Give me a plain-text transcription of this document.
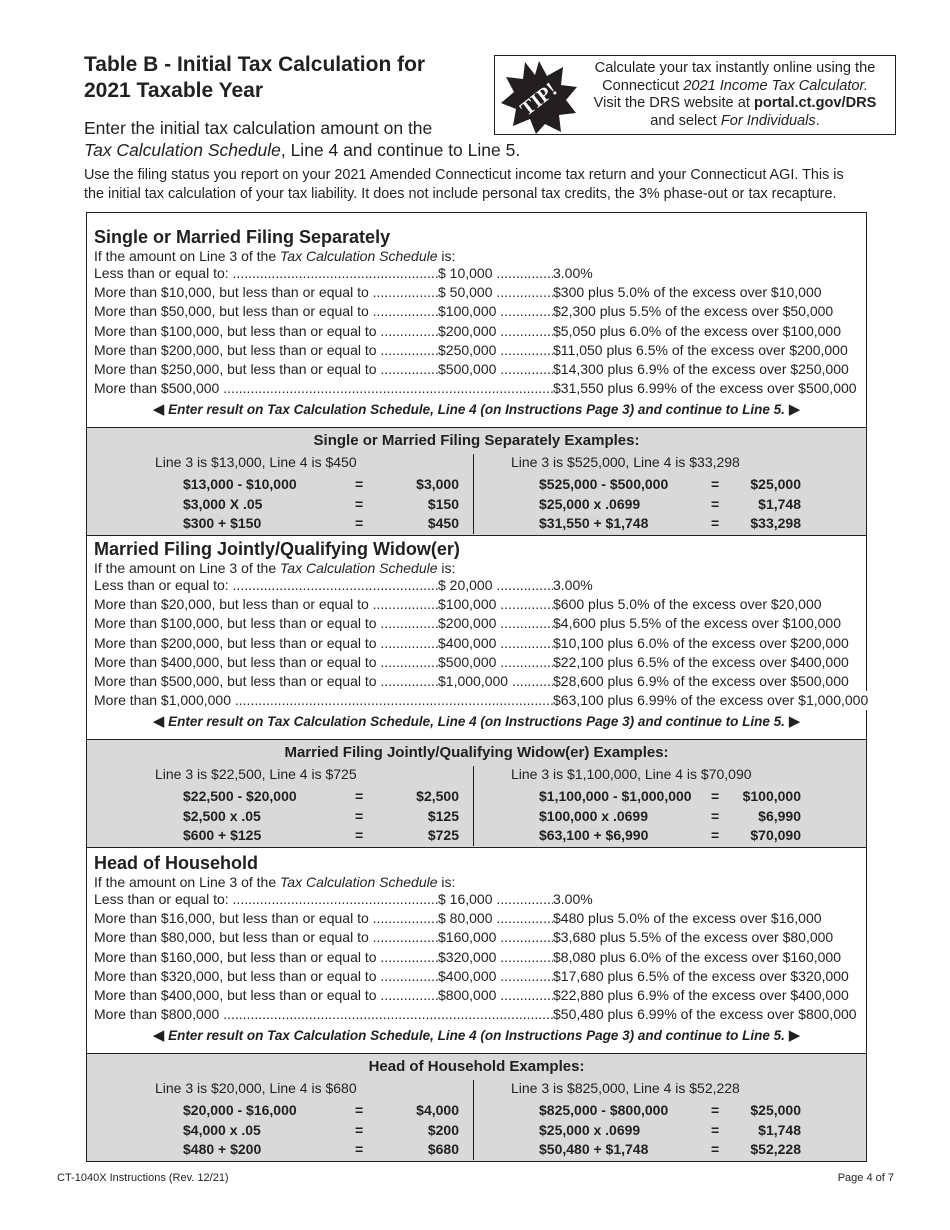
Table B - Initial Tax Calculation for
2021 Taxable Year
Enter the initial tax calculation amount on the
Tax Calculation Schedule, Line 4 and continue to Line 5.
TIP!
Calculate your tax instantly online using the
Connecticut 2021 Income Tax Calculator.
Visit the DRS website at portal.ct.gov/DRS
and select For Individuals.
Use the filing status you report on your 2021 Amended Connecticut income tax return and your Connecticut AGI. This is
the initial tax calculation of your tax liability. It does not include personal tax credits, the 3% phase-out or tax recapture.
Single or Married Filing Separately
If the amount on Line 3 of the Tax Calculation Schedule is:
Less than or equal to: .....	$ 10,000 .....	3.00%
More than $10,000, but less than or equal to .....	$ 50,000 .....	$300 plus 5.0% of the excess over $10,000
More than $50,000, but less than or equal to .....	$100,000 .....	$2,300 plus 5.5% of the excess over $50,000
More than $100,000, but less than or equal to .....	$200,000 .....	$5,050 plus 6.0% of the excess over $100,000
More than $200,000, but less than or equal to .....	$250,000 .....	$11,050 plus 6.5% of the excess over $200,000
More than $250,000, but less than or equal to .....	$500,000 .....	$14,300 plus 6.9% of the excess over $250,000
More than $500,000 .....	$31,550 plus 6.99% of the excess over $500,000
◀ Enter result on Tax Calculation Schedule, Line 4 (on Instructions Page 3) and continue to Line 5. ▶
Single or Married Filing Separately Examples:
Line 3 is $13,000, Line 4 is $450
$13,000 - $10,000	=	$3,000
$3,000 X .05	=	$150
$300 + $150	=	$450
Line 3 is $525,000, Line 4 is $33,298
$525,000 - $500,000	=	$25,000
$25,000 x .0699	=	$1,748
$31,550 + $1,748	=	$33,298
Married Filing Jointly/Qualifying Widow(er)
If the amount on Line 3 of the Tax Calculation Schedule is:
Less than or equal to: .....	$ 20,000 .....	3.00%
More than $20,000, but less than or equal to .....	$100,000 .....	$600 plus 5.0% of the excess over $20,000
More than $100,000, but less than or equal to .....	$200,000 .....	$4,600 plus 5.5% of the excess over $100,000
More than $200,000, but less than or equal to .....	$400,000 .....	$10,100 plus 6.0% of the excess over $200,000
More than $400,000, but less than or equal to .....	$500,000 .....	$22,100 plus 6.5% of the excess over $400,000
More than $500,000, but less than or equal to .....	$1,000,000 .....	$28,600 plus 6.9% of the excess over $500,000
More than $1,000,000 .....	$63,100 plus 6.99% of the excess over $1,000,000
◀ Enter result on Tax Calculation Schedule, Line 4 (on Instructions Page 3) and continue to Line 5. ▶
Married Filing Jointly/Qualifying Widow(er) Examples:
Line 3 is $22,500, Line 4 is $725
$22,500 - $20,000	=	$2,500
$2,500 x .05	=	$125
$600 + $125	=	$725
Line 3 is $1,100,000, Line 4 is $70,090
$1,100,000 - $1,000,000 =	$100,000
$100,000 x .0699	=	$6,990
$63,100 + $6,990	=	$70,090
Head of Household
If the amount on Line 3 of the Tax Calculation Schedule is:
Less than or equal to: .....	$ 16,000 .....	3.00%
More than $16,000, but less than or equal to .....	$ 80,000 .....	$480 plus 5.0% of the excess over $16,000
More than $80,000, but less than or equal to .....	$160,000 .....	$3,680 plus 5.5% of the excess over $80,000
More than $160,000, but less than or equal to .....	$320,000 .....	$8,080 plus 6.0% of the excess over $160,000
More than $320,000, but less than or equal to .....	$400,000 .....	$17,680 plus 6.5% of the excess over $320,000
More than $400,000, but less than or equal to .....	$800,000 .....	$22,880 plus 6.9% of the excess over $400,000
More than $800,000 .....	$50,480 plus 6.99% of the excess over $800,000
◀ Enter result on Tax Calculation Schedule, Line 4 (on Instructions Page 3) and continue to Line 5. ▶
Head of Household Examples:
Line 3 is $20,000, Line 4 is $680
$20,000 - $16,000	=	$4,000
$4,000 x .05	=	$200
$480 + $200	=	$680
Line 3 is $825,000, Line 4 is $52,228
$825,000 - $800,000	=	$25,000
$25,000 x .0699	=	$1,748
$50,480 + $1,748	=	$52,228
CT-1040X Instructions (Rev. 12/21)	Page 4 of 7
